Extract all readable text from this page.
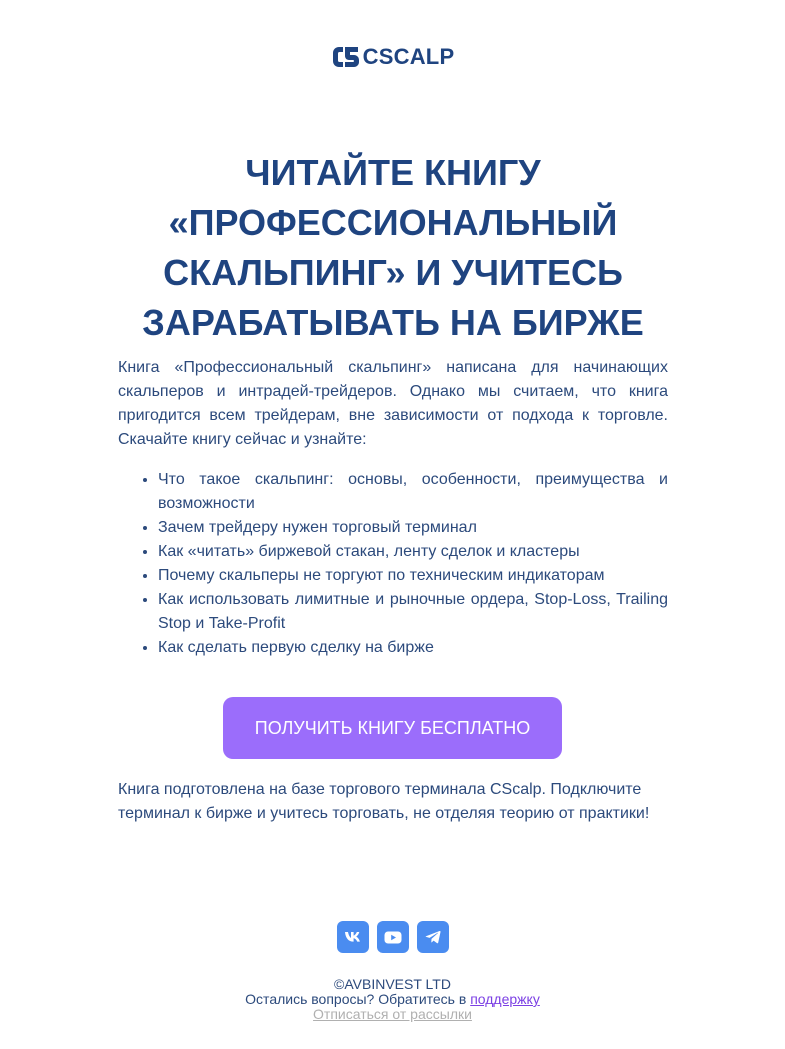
CSCALP
ЧИТАЙТЕ КНИГУ «ПРОФЕССИОНАЛЬНЫЙ СКАЛЬПИНГ» И УЧИТЕСЬ ЗАРАБАТЫВАТЬ НА БИРЖЕ

Книга «Профессиональный скальпинг» написана для начинающих скальперов и интрадей-трейдеров. Однако мы считаем, что книга пригодится всем трейдерам, вне зависимости от подхода к торговле. Скачайте книгу сейчас и узнайте:

• Что такое скальпинг: основы, особенности, преимущества и возможности
• Зачем трейдеру нужен торговый терминал
• Как «читать» биржевой стакан, ленту сделок и кластеры
• Почему скальперы не торгуют по техническим индикаторам
• Как использовать лимитные и рыночные ордера, Stop-Loss, Trailing Stop и Take-Profit
• Как сделать первую сделку на бирже
ПОЛУЧИТЬ КНИГУ БЕСПЛАТНО

Книга подготовлена на базе торгового терминала CScalp. Подключите терминал к бирже и учитесь торговать, не отделяя теорию от практики!

©AVBINVEST LTD
Остались вопросы? Обратитесь в поддержку
Отписаться от рассылки
